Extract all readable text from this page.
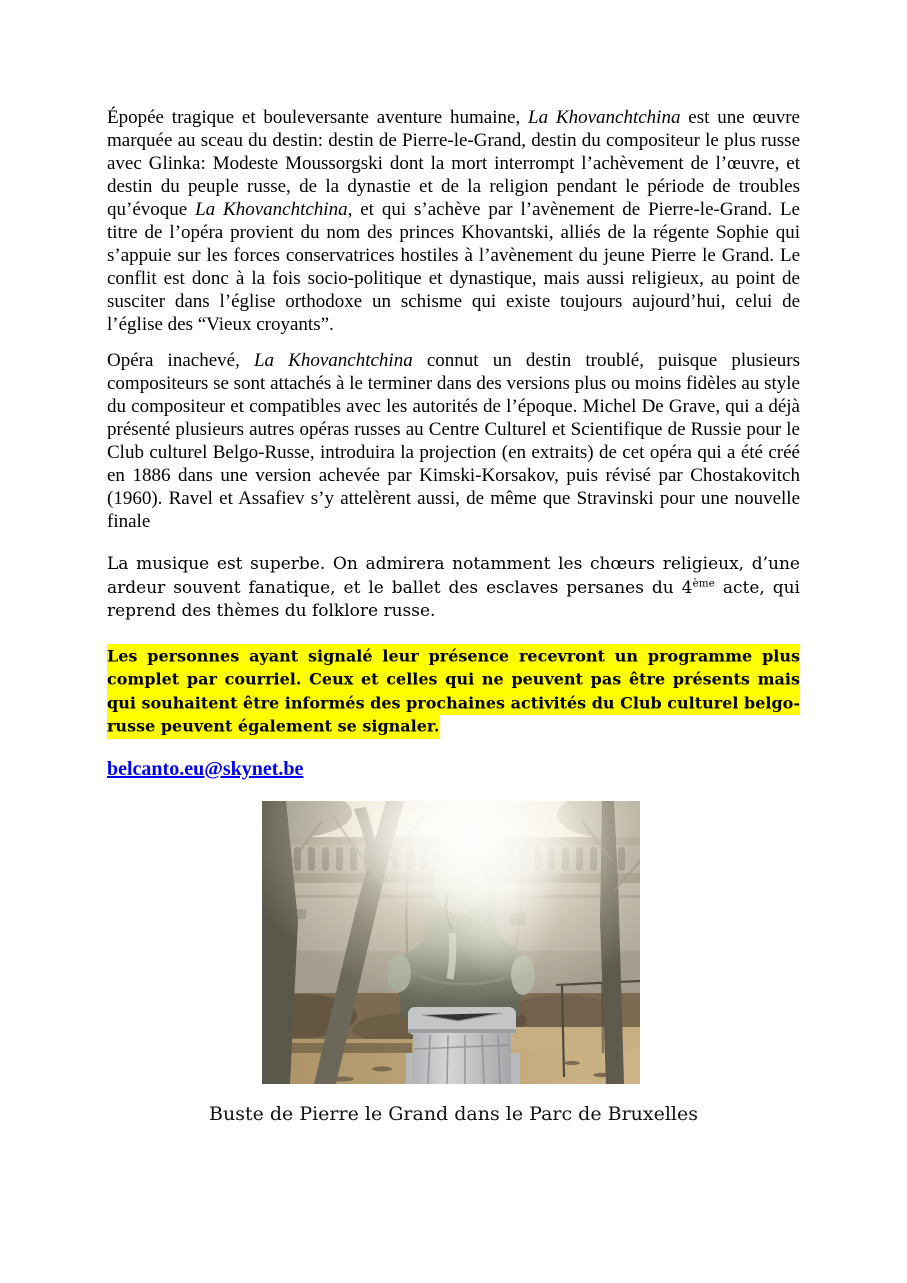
Épopée tragique et bouleversante aventure humaine, La Khovanchtchina est une œuvre marquée au sceau du destin: destin de Pierre-le-Grand, destin du compositeur le plus russe avec Glinka: Modeste Moussorgski dont la mort interrompt l’achèvement de l’œuvre, et destin du peuple russe, de la dynastie et de la religion pendant le période de troubles qu’évoque La Khovanchtchina, et qui s’achève par l’avènement de Pierre-le-Grand. Le titre de l’opéra provient du nom des princes Khovantski, alliés de la régente Sophie qui s’appuie sur les forces conservatrices hostiles à l’avènement du jeune Pierre le Grand. Le conflit est donc à la fois socio-politique et dynastique, mais aussi religieux, au point de susciter dans l’église orthodoxe un schisme qui existe toujours aujourd’hui, celui de l’église des “Vieux croyants”.

Opéra inachevé, La Khovanchtchina connut un destin troublé, puisque plusieurs compositeurs se sont attachés à le terminer dans des versions plus ou moins fidèles au style du compositeur et compatibles avec les autorités de l’époque. Michel De Grave, qui a déjà présenté plusieurs autres opéras russes au Centre Culturel et Scientifique de Russie pour le Club culturel Belgo-Russe, introduira la projection (en extraits) de cet opéra qui a été créé en 1886 dans une version achevée par Kimski-Korsakov, puis révisé par Chostakovitch (1960). Ravel et Assafiev s’y attelèrent aussi, de même que Stravinski pour une nouvelle finale

La musique est superbe. On admirera notamment les chœurs religieux, d’une ardeur souvent fanatique, et le ballet des esclaves persanes du 4ème acte, qui reprend des thèmes du folklore russe.

Les personnes ayant signalé leur présence recevront un programme plus complet par courriel. Ceux et celles qui ne peuvent pas être présents mais qui souhaitent être informés des prochaines activités du Club culturel belgo-russe peuvent également se signaler.

belcanto.eu@skynet.be
Buste de Pierre le Grand dans le Parc de Bruxelles
